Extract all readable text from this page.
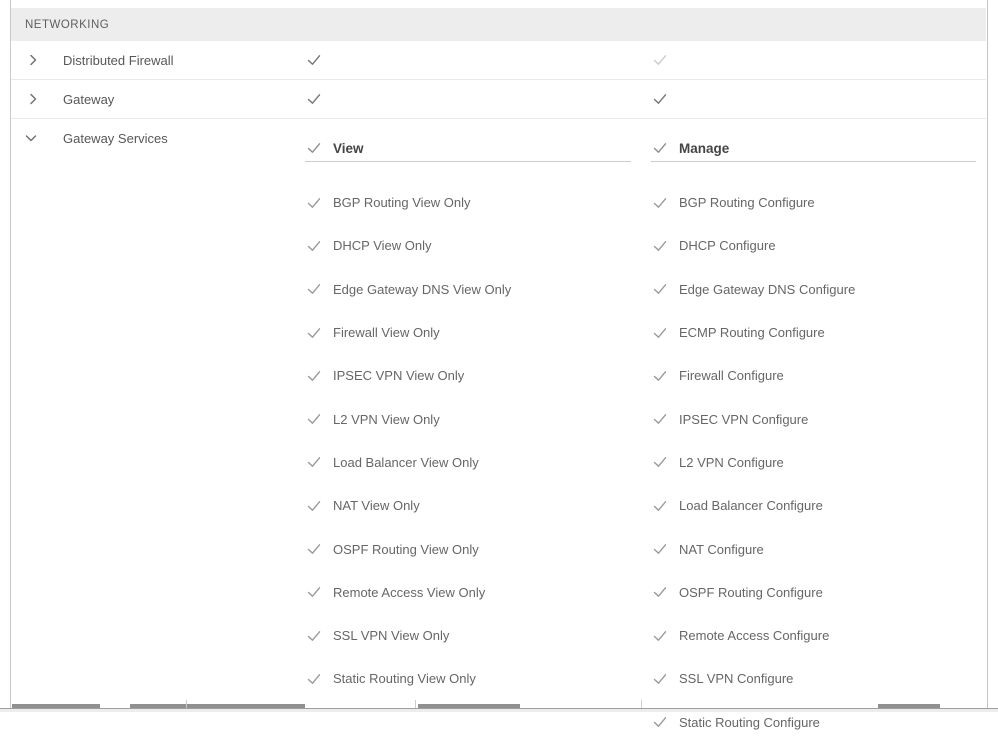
NETWORKING
Distributed Firewall
Gateway
Gateway Services
View
BGP Routing View Only
DHCP View Only
Edge Gateway DNS View Only
Firewall View Only
IPSEC VPN View Only
L2 VPN View Only
Load Balancer View Only
NAT View Only
OSPF Routing View Only
Remote Access View Only
SSL VPN View Only
Static Routing View Only
Manage
BGP Routing Configure
DHCP Configure
Edge Gateway DNS Configure
ECMP Routing Configure
Firewall Configure
IPSEC VPN Configure
L2 VPN Configure
Load Balancer Configure
NAT Configure
OSPF Routing Configure
Remote Access Configure
SSL VPN Configure
Static Routing Configure
